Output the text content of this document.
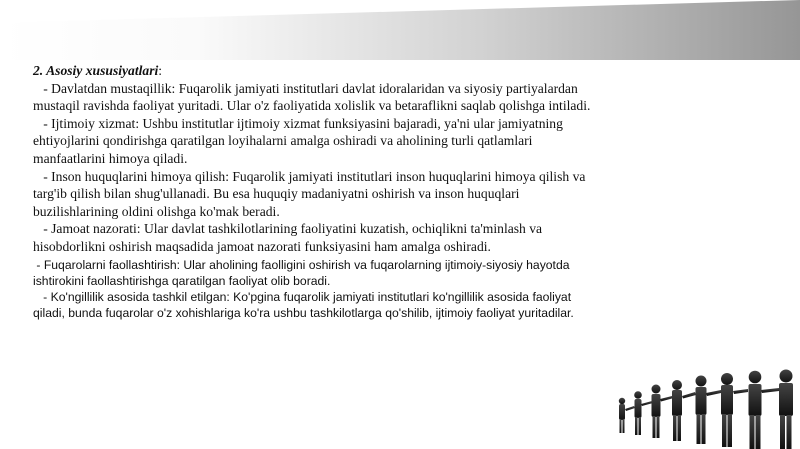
2. Asosiy xususiyatlari:

- Davlatdan mustaqillik: Fuqarolik jamiyati institutlari davlat idoralaridan va siyosiy partiyalardan mustaqil ravishda faoliyat yuritadi. Ular o'z faoliyatida xolislik va betaraflikni saqlab qolishga intiladi.

- Ijtimoiy xizmat: Ushbu institutlar ijtimoiy xizmat funksiyasini bajaradi, ya'ni ular jamiyatning ehtiyojlarini qondirishga qaratilgan loyihalarni amalga oshiradi va aholining turli qatlamlari manfaatlarini himoya qiladi.

- Inson huquqlarini himoya qilish: Fuqarolik jamiyati institutlari inson huquqlarini himoya qilish va targ'ib qilish bilan shug'ullanadi. Bu esa huquqiy madaniyatni oshirish va inson huquqlari buzilishlarining oldini olishga ko'mak beradi.

- Jamoat nazorati: Ular davlat tashkilotlarining faoliyatini kuzatish, ochiqlikni ta'minlash va hisobdorlikni oshirish maqsadida jamoat nazorati funksiyasini ham amalga oshiradi.

- Fuqarolarni faollashtirish: Ular aholining faolligini oshirish va fuqarolarning ijtimoiy-siyosiy hayotda ishtirokini faollashtirishga qaratilgan faoliyat olib boradi.

- Ko'ngillilik asosida tashkil etilgan: Ko'pgina fuqarolik jamiyati institutlari ko'ngillilik asosida faoliyat qiladi, bunda fuqarolar o'z xohishlariga ko'ra ushbu tashkilotlarga qo'shilib, ijtimoiy faoliyat yuritadilar.
